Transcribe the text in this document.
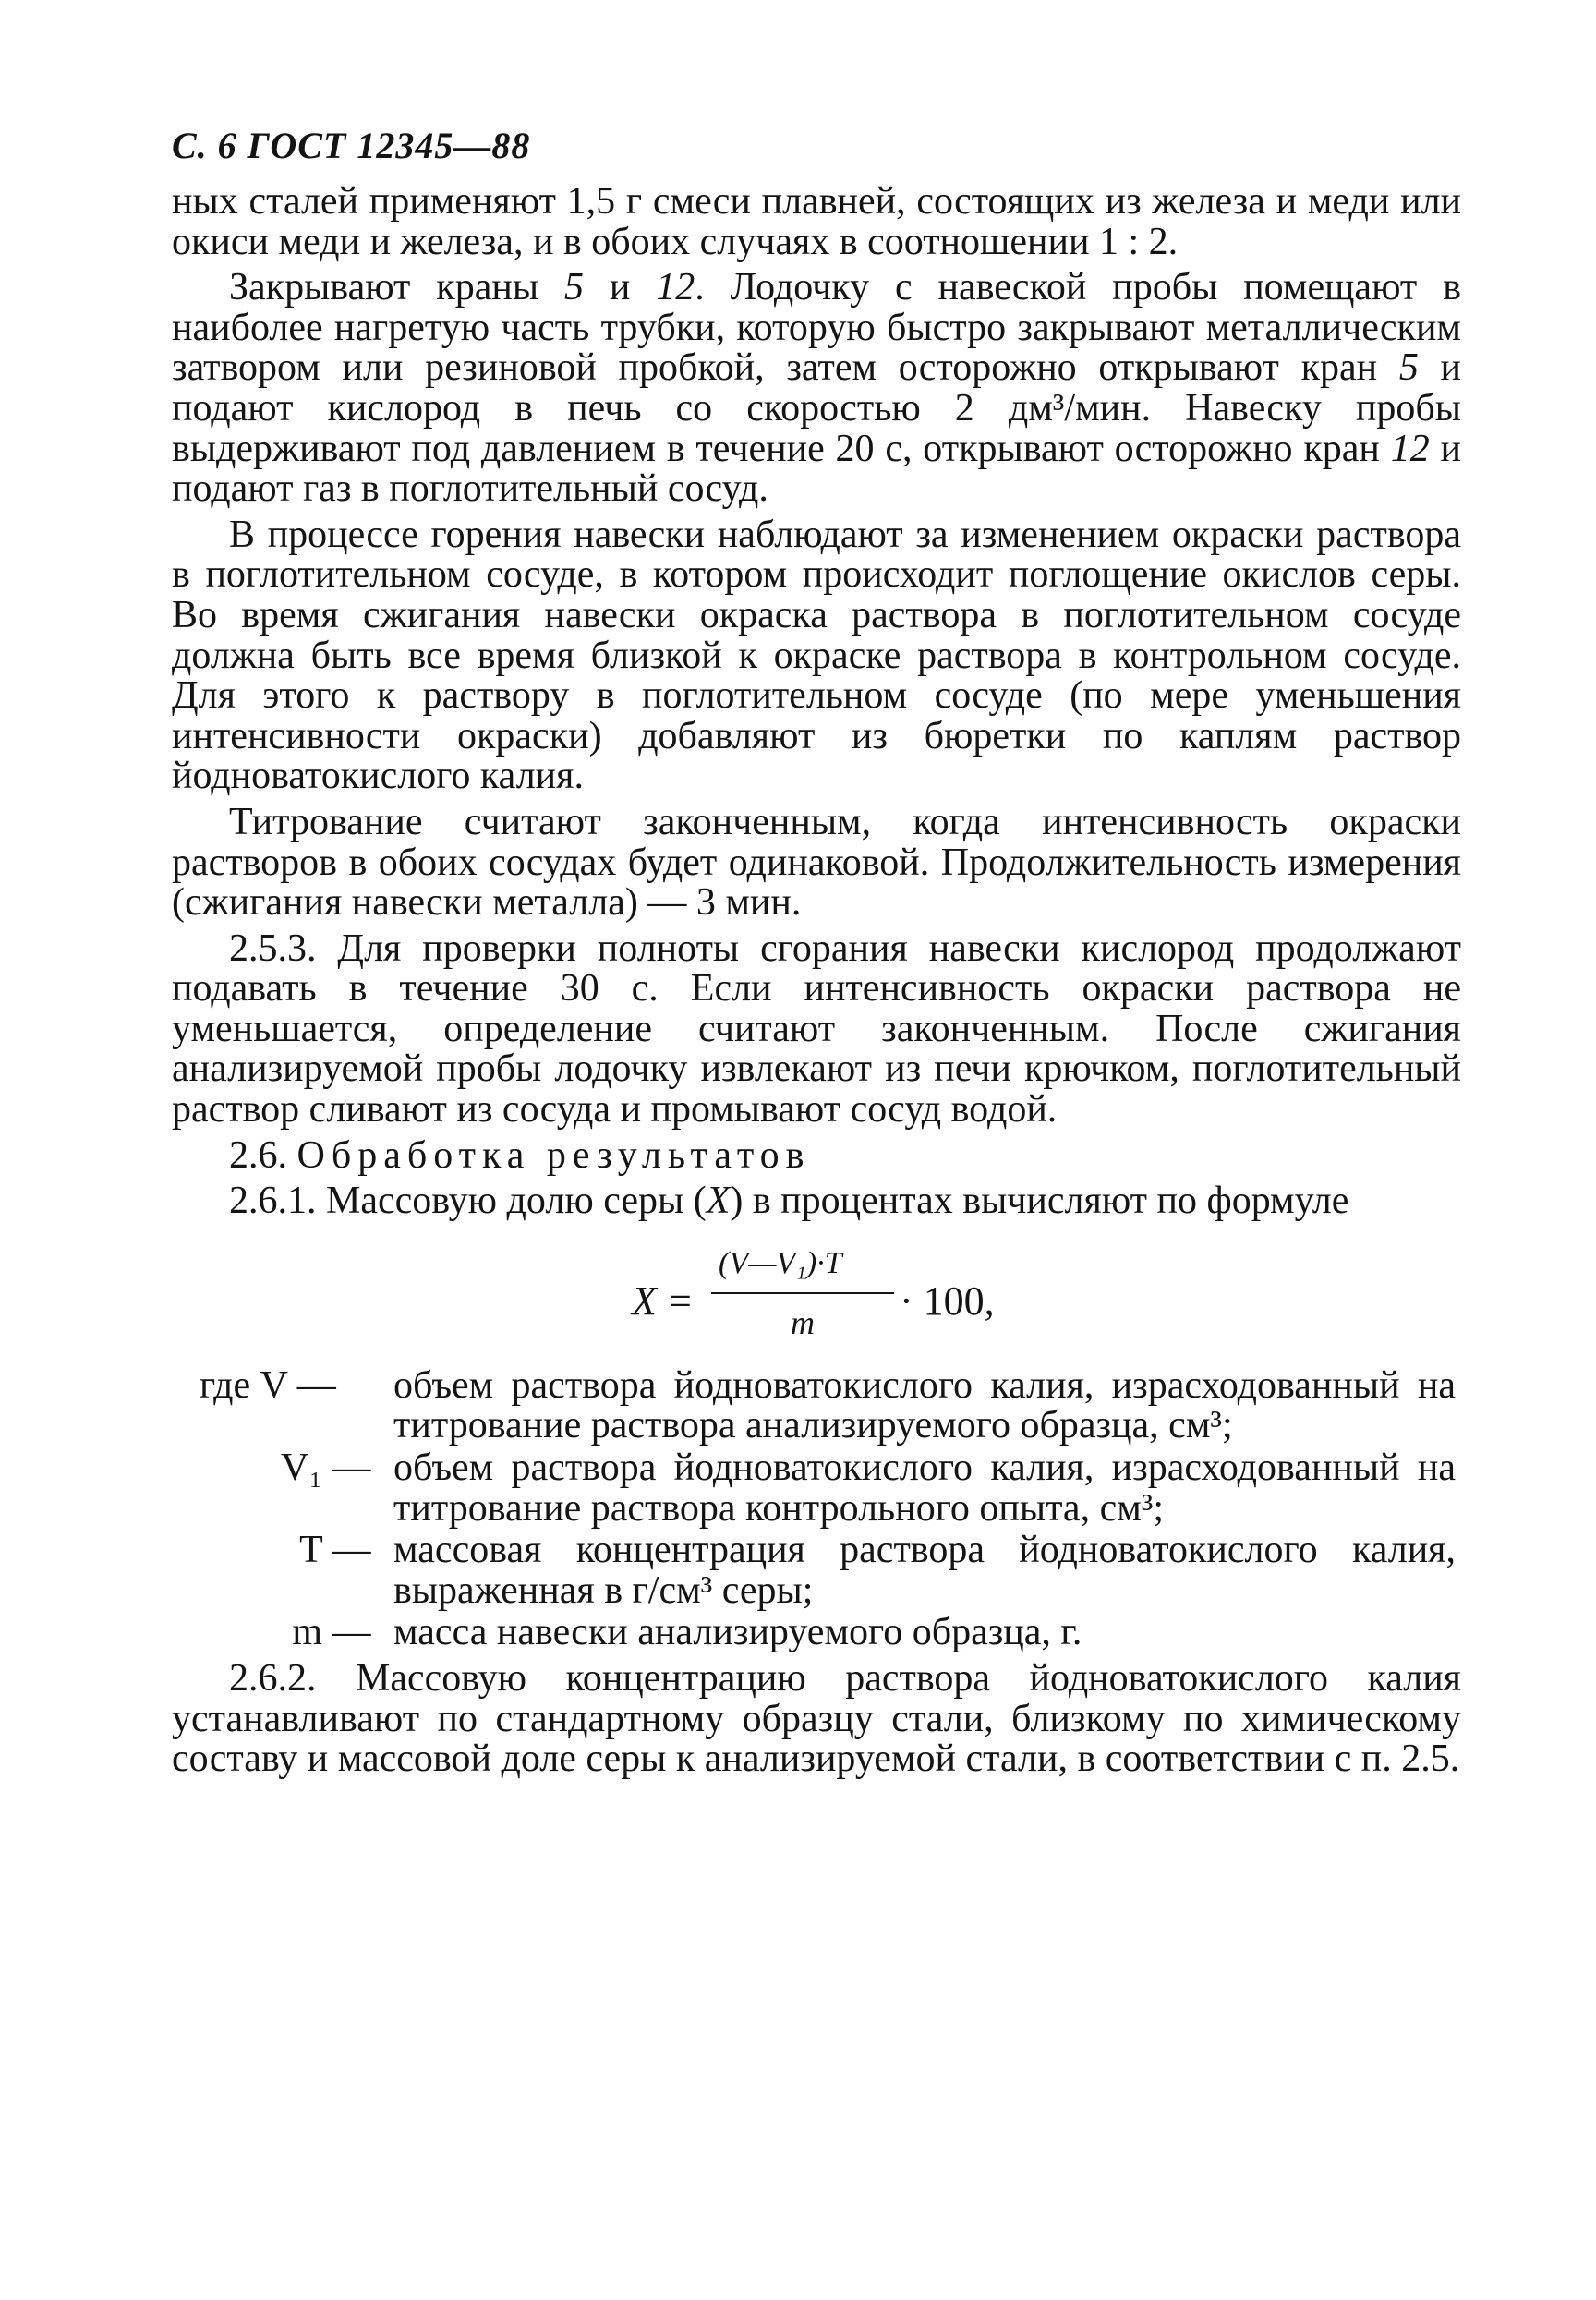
С. 6 ГОСТ 12345—88

ных сталей применяют 1,5 г смеси плавней, состоящих из железа и меди или окиси меди и железа, и в обоих случаях в соотношении 1 : 2.

Закрывают краны 5 и 12. Лодочку с навеской пробы помещают в наиболее нагретую часть трубки, которую быстро закрывают металлическим затвором или резиновой пробкой, затем осторожно открывают кран 5 и подают кислород в печь со скоростью 2 дм³/мин. Навеску пробы выдерживают под давлением в течение 20 с, открывают осторожно кран 12 и подают газ в поглотительный сосуд.

В процессе горения навески наблюдают за изменением окраски раствора в поглотительном сосуде, в котором происходит поглощение окислов серы. Во время сжигания навески окраска раствора в поглотительном сосуде должна быть все время близкой к окраске раствора в контрольном сосуде. Для этого к раствору в поглотительном сосуде (по мере уменьшения интенсивности окраски) добавляют из бюретки по каплям раствор йодноватокислого калия.

Титрование считают законченным, когда интенсивность окраски растворов в обоих сосудах будет одинаковой. Продолжительность измерения (сжигания навески металла) — 3 мин.

2.5.3. Для проверки полноты сгорания навески кислород продолжают подавать в течение 30 с. Если интенсивность окраски раствора не уменьшается, определение считают законченным. После сжигания анализируемой пробы лодочку извлекают из печи крючком, поглотительный раствор сливают из сосуда и промывают сосуд водой.

2.6. Обработка результатов

2.6.1. Массовую долю серы (X) в процентах вычисляют по формуле

X =
(V—V₁)·T
m · 100,
где V —	объем раствора йодноватокислого калия, израсходованный на титрование раствора анализируемого образца, см³;
V₁ — объем раствора йодноватокислого калия, израсходованный на титрование раствора контрольного опыта, см³;
T — массовая концентрация раствора йодноватокислого калия, выраженная в г/см³ серы;
m — масса навески анализируемого образца, г.

2.6.2. Массовую концентрацию раствора йодноватокислого калия устанавливают по стандартному образцу стали, близкому по химическому составу и массовой доле серы к анализируемой стали, в соответствии с п. 2.5.
